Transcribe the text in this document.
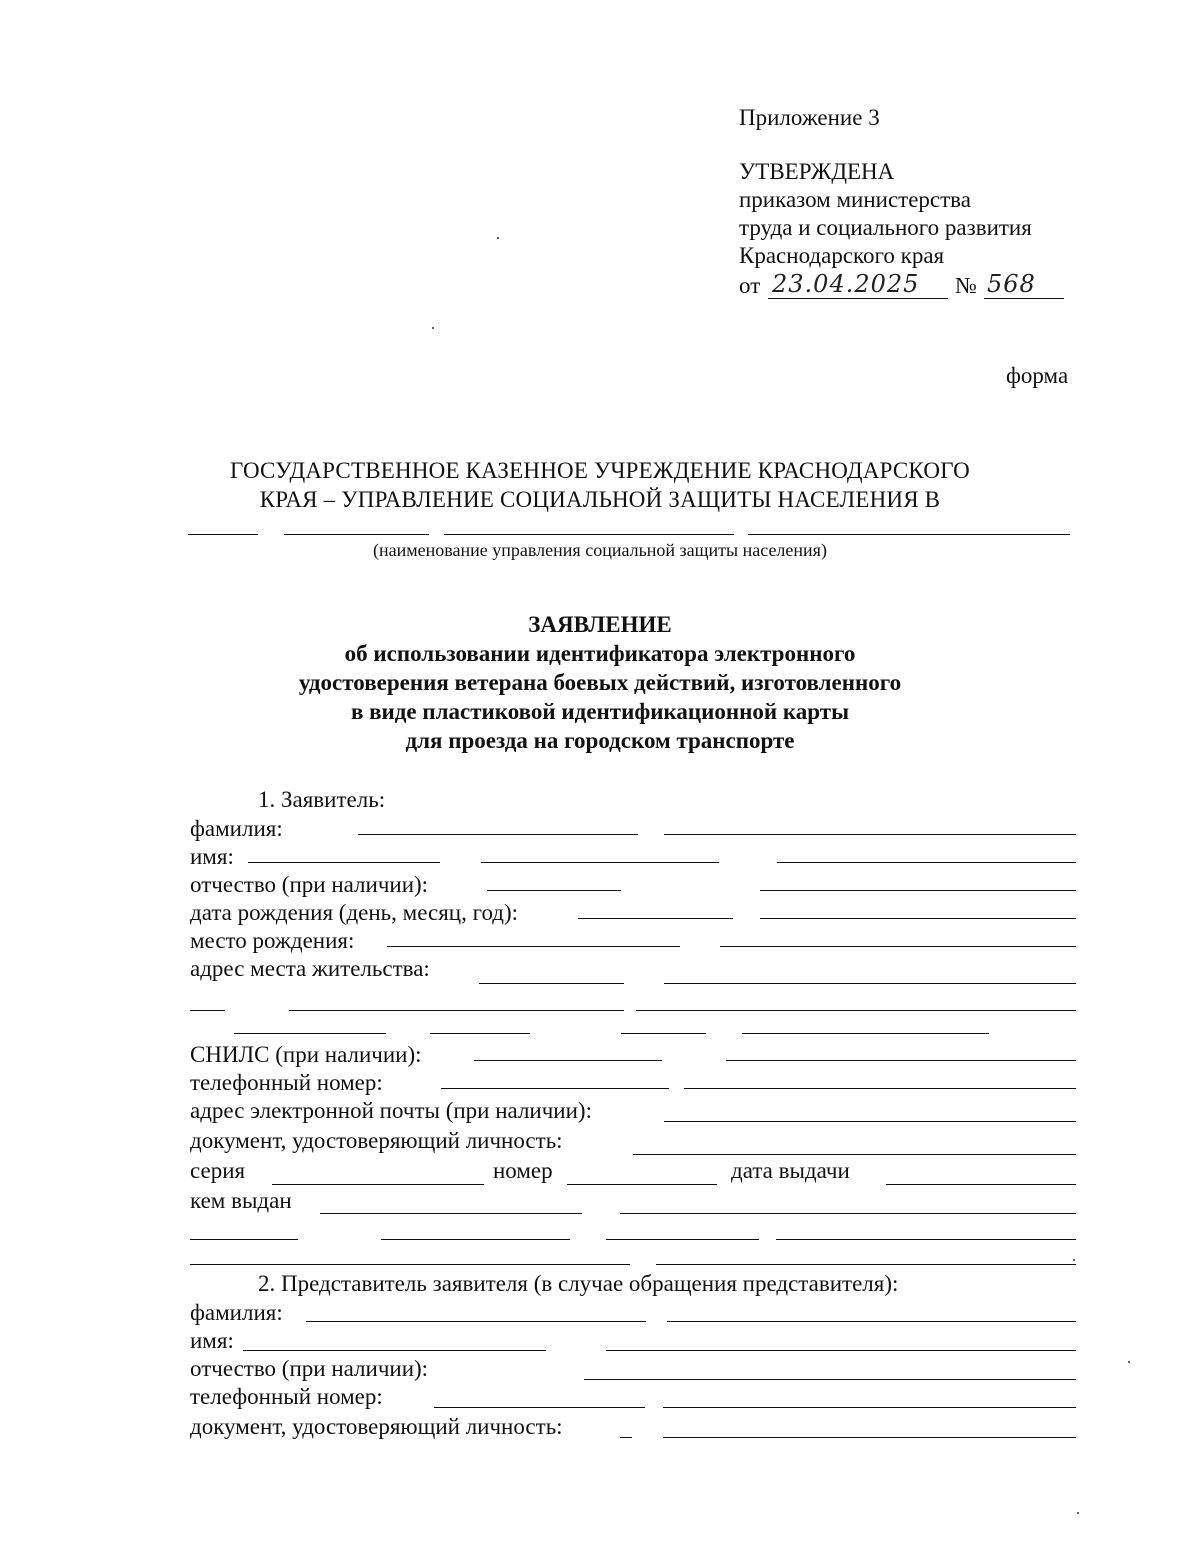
Приложение 3
УТВЕРЖДЕНА
приказом министерства
труда и социального развития
Краснодарского края
от 23.04.2025 № 568
форма
ГОСУДАРСТВЕННОЕ КАЗЕННОЕ УЧРЕЖДЕНИЕ КРАСНОДАРСКОГО
КРАЯ – УПРАВЛЕНИЕ СОЦИАЛЬНОЙ ЗАЩИТЫ НАСЕЛЕНИЯ В
(наименование управления социальной защиты населения)
ЗАЯВЛЕНИЕ
об использовании идентификатора электронного
удостоверения ветерана боевых действий, изготовленного
в виде пластиковой идентификационной карты
для проезда на городском транспорте
1. Заявитель:
фамилия:
имя:
отчество (при наличии):
дата рождения (день, месяц, год):
место рождения:
адрес места жительства:
СНИЛС (при наличии):
телефонный номер:
адрес электронной почты (при наличии):
документ, удостоверяющий личность:
серия	номер	дата выдачи
кем выдан
2. Представитель заявителя (в случае обращения представителя):
фамилия:
имя:
отчество (при наличии):
телефонный номер:
документ, удостоверяющий личность:
